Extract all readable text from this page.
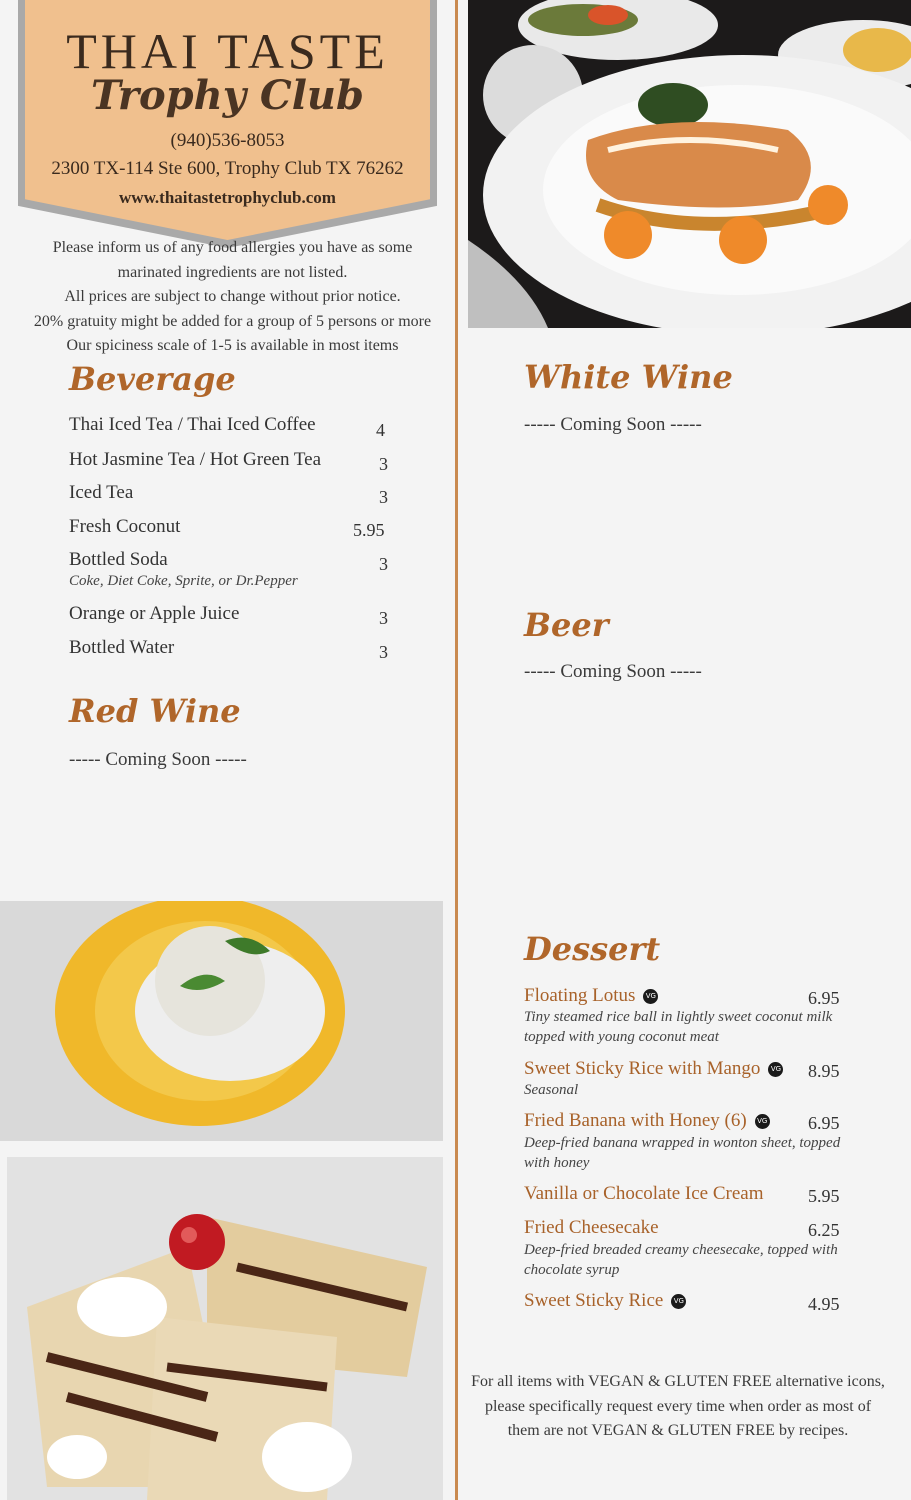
THAI TASTE
Trophy Club
(940)536-8053
2300 TX-114 Ste 600, Trophy Club TX 76262
www.thaitastetrophyclub.com
Please inform us of any food allergies you have as some
marinated ingredients are not listed.
All prices are subject to change without prior notice.
20% gratuity might be added for a group of 5 persons or more
Our spiciness scale of 1-5 is available in most items
Beverage
Thai Iced Tea / Thai Iced Coffee	4
Hot Jasmine Tea / Hot Green Tea	3
Iced Tea	3
Fresh Coconut	5.95
Bottled Soda	3
Coke, Diet Coke, Sprite, or Dr.Pepper
Orange or Apple Juice	3
Bottled Water	3
Red Wine
----- Coming Soon -----
White Wine
----- Coming Soon -----
Beer
----- Coming Soon -----
Dessert
Floating Lotus VG	6.95
Tiny steamed rice ball in lightly sweet coconut milk topped with young coconut meat
Sweet Sticky Rice with Mango VG 8.95
Seasonal
Fried Banana with Honey (6) VG 6.95
Deep-fried banana wrapped in wonton sheet, topped with honey
Vanilla or Chocolate Ice Cream 5.95
Fried Cheesecake	6.25
Deep-fried breaded creamy cheesecake, topped with chocolate syrup
Sweet Sticky Rice VG	4.95
For all items with VEGAN & GLUTEN FREE alternative icons, please specifically request every time when order as most of them are not VEGAN & GLUTEN FREE by recipes.
